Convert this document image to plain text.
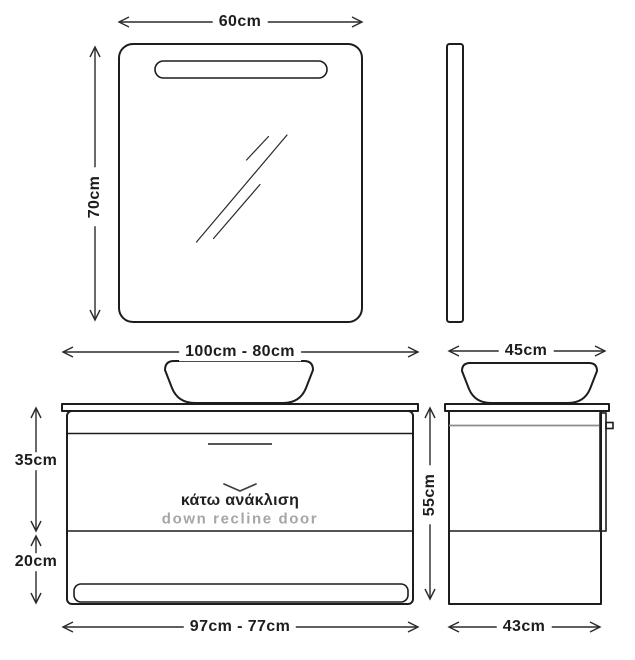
60cm
70cm
100cm - 80cm	45cm
35cm
20cm
55cm
97cm - 77cm	43cm
κάτω ανάκλιση
down recline door
